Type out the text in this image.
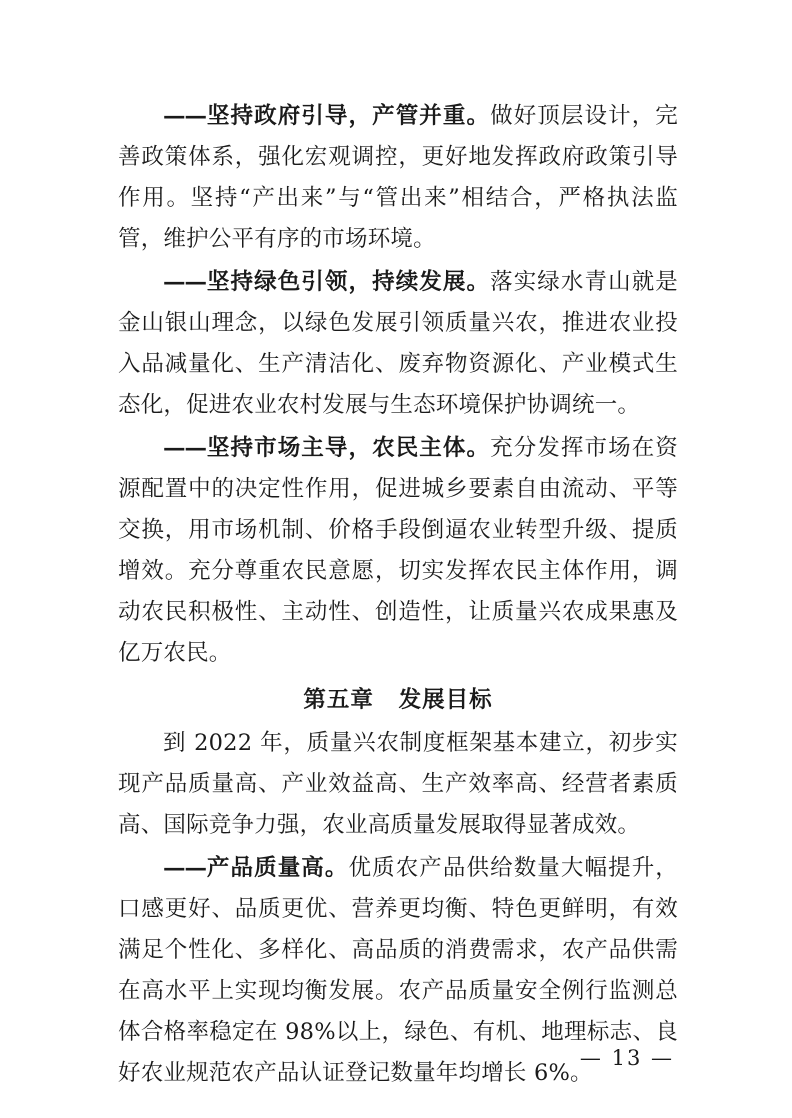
——坚持政府引导，产管并重。做好顶层设计，完善政策体系，强化宏观调控，更好地发挥政府政策引导作用。坚持“产出来”与“管出来”相结合，严格执法监管，维护公平有序的市场环境。

——坚持绿色引领，持续发展。落实绿水青山就是金山银山理念，以绿色发展引领质量兴农，推进农业投入品减量化、生产清洁化、废弃物资源化、产业模式生态化，促进农业农村发展与生态环境保护协调统一。

——坚持市场主导，农民主体。充分发挥市场在资源配置中的决定性作用，促进城乡要素自由流动、平等交换，用市场机制、价格手段倒逼农业转型升级、提质增效。充分尊重农民意愿，切实发挥农民主体作用，调动农民积极性、主动性、创造性，让质量兴农成果惠及亿万农民。

第五章 发展目标

到 2022 年，质量兴农制度框架基本建立，初步实现产品质量高、产业效益高、生产效率高、经营者素质高、国际竞争力强，农业高质量发展取得显著成效。

——产品质量高。优质农产品供给数量大幅提升，口感更好、品质更优、营养更均衡、特色更鲜明，有效满足个性化、多样化、高品质的消费需求，农产品供需在高水平上实现均衡发展。农产品质量安全例行监测总体合格率稳定在 98%以上，绿色、有机、地理标志、良好农业规范农产品认证登记数量年均增长 6%。

— 13 —
